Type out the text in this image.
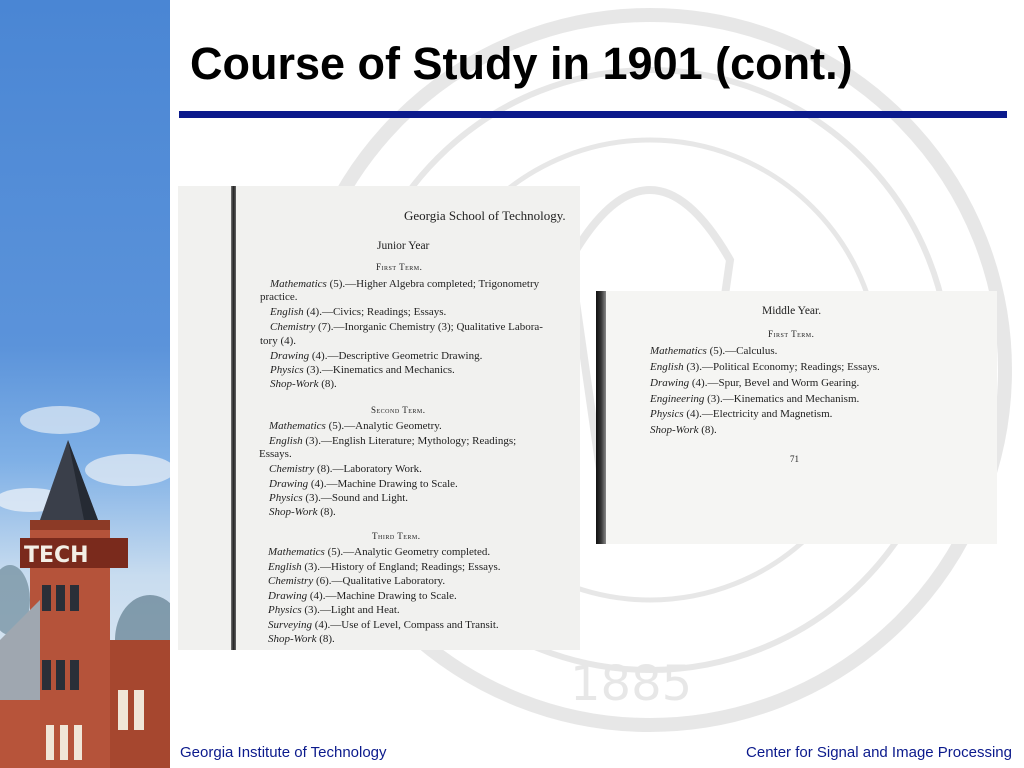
TECH
1885
Course of Study in 1901 (cont.)
Georgia School of Technology.
Junior Year
First Term.
Mathematics (5).—Higher Algebra completed; Trigonometry
practice.
English (4).—Civics; Readings; Essays.
Chemistry (7).—Inorganic Chemistry (3); Qualitative Labora-
tory (4).
Drawing (4).—Descriptive Geometric Drawing.
Physics (3).—Kinematics and Mechanics.
Shop-Work (8).
Second Term.
Mathematics (5).—Analytic Geometry.
English (3).—English Literature; Mythology; Readings;
Essays.
Chemistry (8).—Laboratory Work.
Drawing (4).—Machine Drawing to Scale.
Physics (3).—Sound and Light.
Shop-Work (8).
Third Term.
Mathematics (5).—Analytic Geometry completed.
English (3).—History of England; Readings; Essays.
Chemistry (6).—Qualitative Laboratory.
Drawing (4).—Machine Drawing to Scale.
Physics (3).—Light and Heat.
Surveying (4).—Use of Level, Compass and Transit.
Shop-Work (8).
Middle Year.
First Term.
Mathematics (5).—Calculus.
English (3).—Political Economy; Readings; Essays.
Drawing (4).—Spur, Bevel and Worm Gearing.
Engineering (3).—Kinematics and Mechanism.
Physics (4).—Electricity and Magnetism.
Shop-Work (8).
71
Georgia Institute of Technology	Center for Signal and Image Processing
